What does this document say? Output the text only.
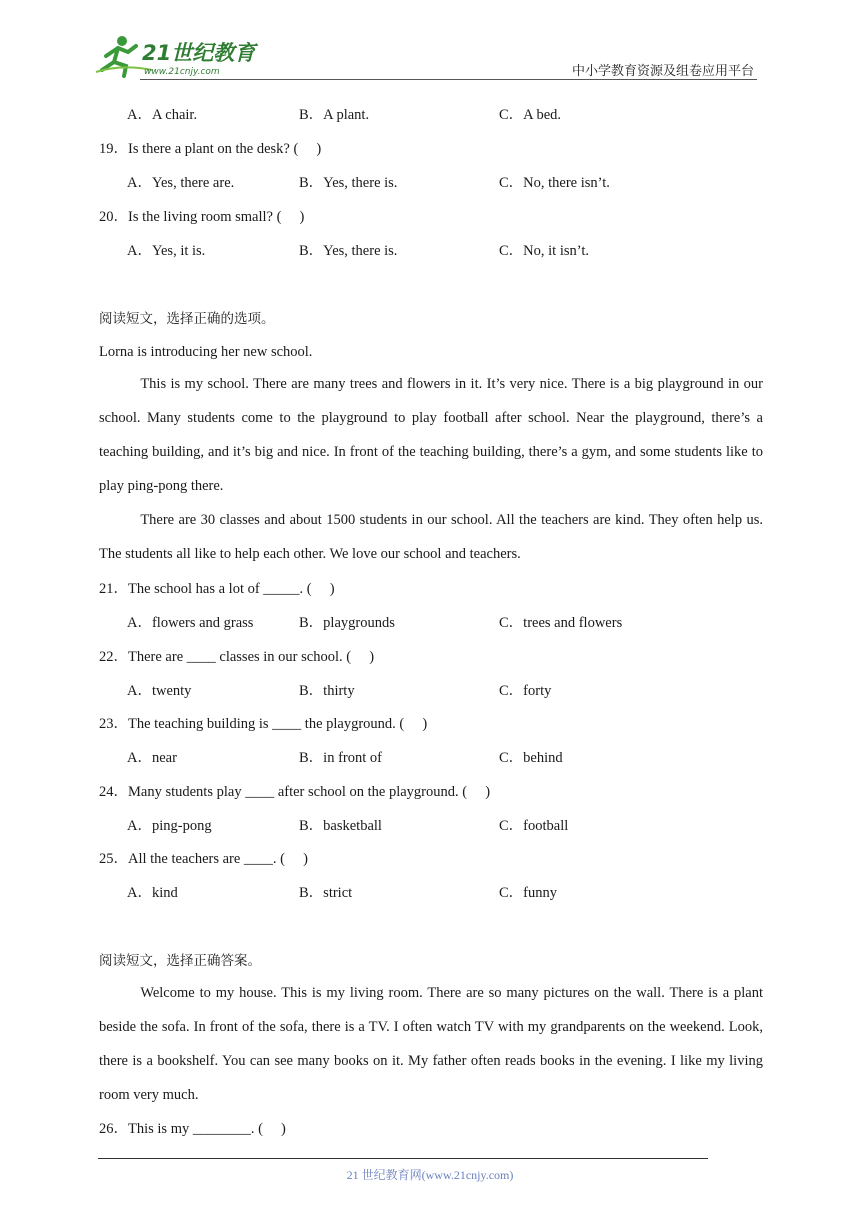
21世纪教育
www.21cnjy.com	中小学教育资源及组卷应用平台
A．A chair.	B．A plant.	C．A bed.
19．Is there a plant on the desk? (　 )
A．Yes, there are.	B．Yes, there is.	C．No, there isn’t.
20．Is the living room small? (　 )
A．Yes, it is.	B．Yes, there is.	C．No, it isn’t.
阅读短文，选择正确的选项。
Lorna is introducing her new school.
This is my school. There are many trees and flowers in it. It’s very nice. There is a big playground in our school. Many students come to the playground to play football after school. Near the playground, there’s a teaching building, and it’s big and nice. In front of the teaching building, there’s a gym, and some students like to play ping-pong there.
There are 30 classes and about 1500 students in our school. All the teachers are kind. They often help us. The students all like to help each other. We love our school and teachers.
21．The school has a lot of _____. (　 )
A．flowers and grass	B．playgrounds	C．trees and flowers
22．There are ____ classes in our school. (　 )
A．twenty	B．thirty	C．forty
23．The teaching building is ____ the playground. (　 )
A．near	B．in front of	C．behind
24．Many students play ____ after school on the playground. (　 )
A．ping-pong	B．basketball	C．football
25．All the teachers are ____. (　 )
A．kind	B．strict	C．funny
阅读短文，选择正确答案。
Welcome to my house. This is my living room. There are so many pictures on the wall. There is a plant beside the sofa. In front of the sofa, there is a TV. I often watch TV with my grandparents on the weekend. Look, there is a bookshelf. You can see many books on it. My father often reads books in the evening. I like my living room very much.
26．This is my ________. (　 )
21 世纪教育网(www.21cnjy.com)
